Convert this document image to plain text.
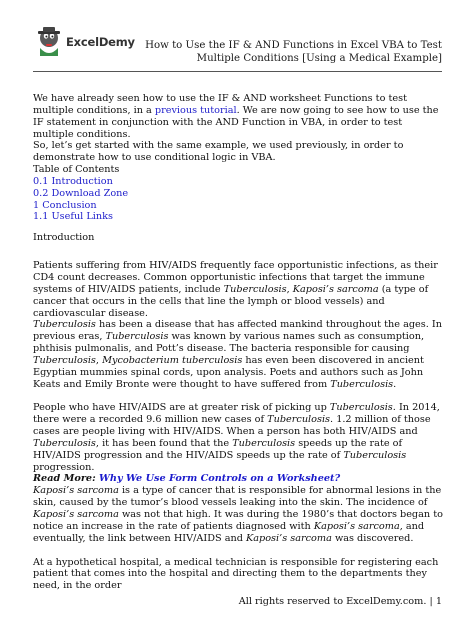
ExcelDemy	How to Use the IF & AND Functions in Excel VBA to Test Multiple Conditions [Using a Medical Example]

We have already seen how to use the IF & AND worksheet Functions to test multiple conditions, in a previous tutorial. We are now going to see how to use the IF statement in conjunction with the AND Function in VBA, in order to test multiple conditions.

So, let’s get started with the same example, we used previously, in order to demonstrate how to use conditional logic in VBA.

Table of Contents
0.1 Introduction
0.2 Download Zone
1 Conclusion
1.1 Useful Links

Introduction

Patients suffering from HIV/AIDS frequently face opportunistic infections, as their CD4 count decreases. Common opportunistic infections that target the immune systems of HIV/AIDS patients, include Tuberculosis, Kaposi’s sarcoma (a type of cancer that occurs in the cells that line the lymph or blood vessels) and cardiovascular disease.

Tuberculosis has been a disease that has affected mankind throughout the ages. In previous eras, Tuberculosis was known by various names such as consumption, phthisis pulmonalis, and Pott’s disease. The bacteria responsible for causing Tuberculosis, Mycobacterium tuberculosis has even been discovered in ancient Egyptian mummies spinal cords, upon analysis. Poets and authors such as John Keats and Emily Bronte were thought to have suffered from Tuberculosis.

People who have HIV/AIDS are at greater risk of picking up Tuberculosis. In 2014, there were a recorded 9.6 million new cases of Tuberculosis. 1.2 million of those cases are people living with HIV/AIDS. When a person has both HIV/AIDS and Tuberculosis, it has been found that the Tuberculosis speeds up the rate of HIV/AIDS progression and the HIV/AIDS speeds up the rate of Tuberculosis progression.

Read More: Why We Use Form Controls on a Worksheet?

Kaposi’s sarcoma is a type of cancer that is responsible for abnormal lesions in the skin, caused by the tumor’s blood vessels leaking into the skin. The incidence of Kaposi’s sarcoma was not that high. It was during the 1980’s that doctors began to notice an increase in the rate of patients diagnosed with Kaposi’s sarcoma, and eventually, the link between HIV/AIDS and Kaposi’s sarcoma was discovered.

At a hypothetical hospital, a medical technician is responsible for registering each patient that comes into the hospital and directing them to the departments they need, in the order

All rights reserved to ExcelDemy.com. | 1
